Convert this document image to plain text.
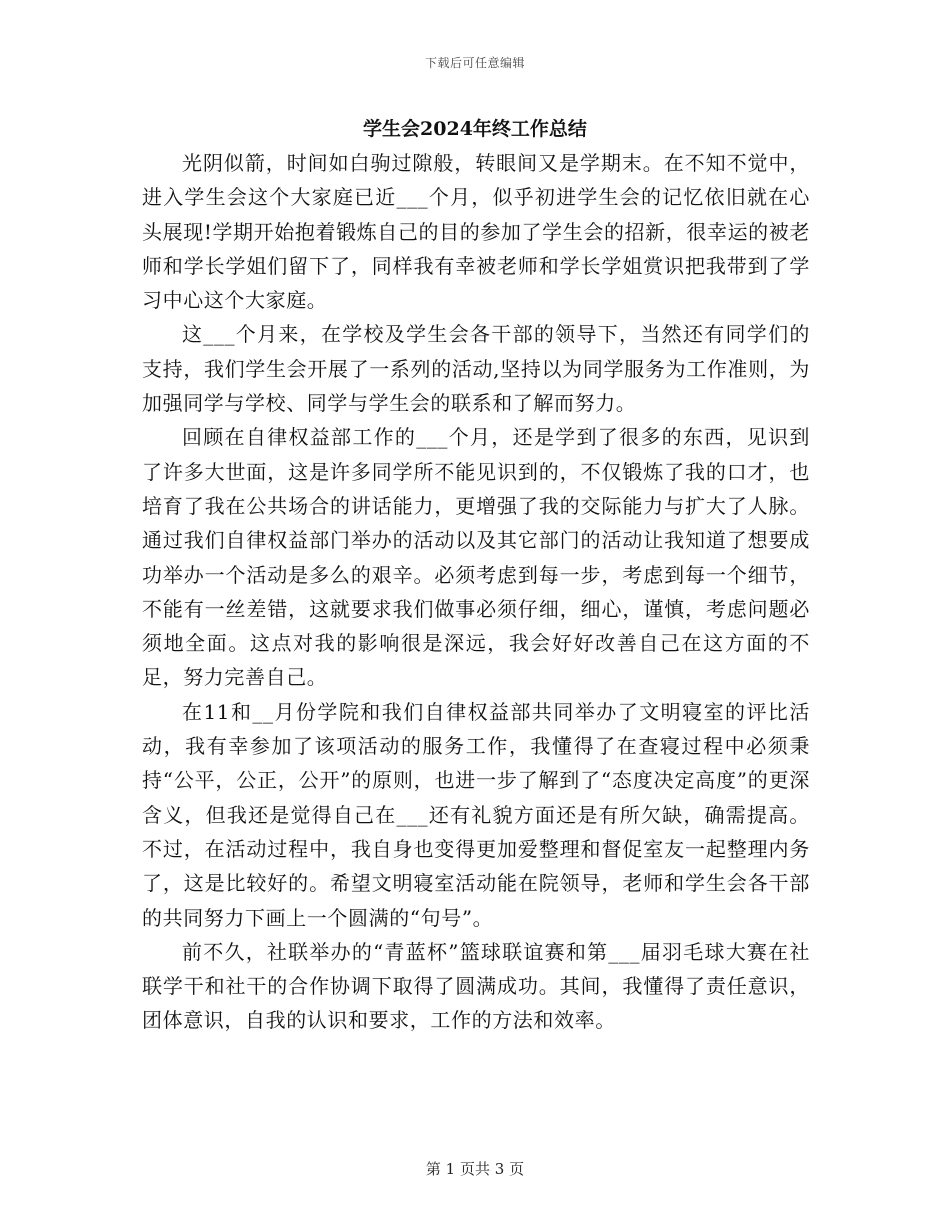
下载后可任意编辑
学生会2024年终工作总结

光阴似箭，时间如白驹过隙般，转眼间又是学期末。在不知不觉中，进入学生会这个大家庭已近___个月，似乎初进学生会的记忆依旧就在心头展现!学期开始抱着锻炼自己的目的参加了学生会的招新，很幸运的被老师和学长学姐们留下了，同样我有幸被老师和学长学姐赏识把我带到了学习中心这个大家庭。

这___个月来，在学校及学生会各干部的领导下，当然还有同学们的支持，我们学生会开展了一系列的活动,坚持以为同学服务为工作准则，为加强同学与学校、同学与学生会的联系和了解而努力。

回顾在自律权益部工作的___个月，还是学到了很多的东西，见识到了许多大世面，这是许多同学所不能见识到的，不仅锻炼了我的口才，也培育了我在公共场合的讲话能力，更增强了我的交际能力与扩大了人脉。通过我们自律权益部门举办的活动以及其它部门的活动让我知道了想要成功举办一个活动是多么的艰辛。必须考虑到每一步，考虑到每一个细节，不能有一丝差错，这就要求我们做事必须仔细，细心，谨慎，考虑问题必须地全面。这点对我的影响很是深远，我会好好改善自己在这方面的不足，努力完善自己。

在11和__月份学院和我们自律权益部共同举办了文明寝室的评比活动，我有幸参加了该项活动的服务工作，我懂得了在查寝过程中必须秉持“公平，公正，公开”的原则，也进一步了解到了“态度决定高度”的更深含义，但我还是觉得自己在___还有礼貌方面还是有所欠缺，确需提高。不过，在活动过程中，我自身也变得更加爱整理和督促室友一起整理内务了，这是比较好的。希望文明寝室活动能在院领导，老师和学生会各干部的共同努力下画上一个圆满的“句号”。

前不久，社联举办的“青蓝杯”篮球联谊赛和第___届羽毛球大赛在社联学干和社干的合作协调下取得了圆满成功。其间，我懂得了责任意识，团体意识，自我的认识和要求，工作的方法和效率。

第 1 页共 3 页
